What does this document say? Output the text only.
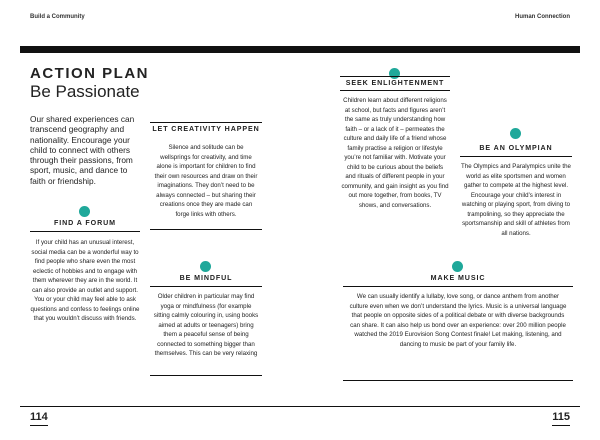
Build a Community	Human Connection
ACTION PLAN
Be Passionate
Our shared experiences can transcend geography and nationality. Encourage your child to connect with others through their passions, from sport, music, and dance to faith or friendship.
LET CREATIVITY HAPPEN
Silence and solitude can be wellsprings for creativity, and time alone is important for children to find their own resources and draw on their imaginations. They don’t need to be always connected – but sharing their creations once they are made can forge links with others.
FIND A FORUM
If your child has an unusual interest, social media can be a wonderful way to find people who share even the most eclectic of hobbies and to engage with them wherever they are in the world. It can also provide an outlet and support. You or your child may feel able to ask questions and confess to feelings online that you wouldn’t discuss with friends.
BE MINDFUL
Older children in particular may find yoga or mindfulness (for example sitting calmly colouring in, using books aimed at adults or teenagers) bring them a peaceful sense of being connected to something bigger than themselves. This can be very relaxing
SEEK ENLIGHTENMENT
Children learn about different religions at school, but facts and figures aren’t the same as truly understanding how faith – or a lack of it – permeates the culture and daily life of a friend whose family practise a religion or lifestyle you’re not familiar with. Motivate your child to be curious about the beliefs and rituals of different people in your community, and gain insight as you find out more together, from books, TV shows, and conversations.
BE AN OLYMPIAN
The Olympics and Paralympics unite the world as elite sportsmen and women gather to compete at the highest level. Encourage your child’s interest in watching or playing sport, from diving to trampolining, so they appreciate the sportsmanship and skill of athletes from all nations.
MAKE MUSIC
We can usually identify a lullaby, love song, or dance anthem from another culture even when we don’t understand the lyrics. Music is a universal language that people on opposite sides of a political debate or with diverse backgrounds can share. It can also help us bond over an experience: over 200 million people watched the 2019 Eurovision Song Contest finale! Let making, listening, and dancing to music be part of your family life.
114	115
